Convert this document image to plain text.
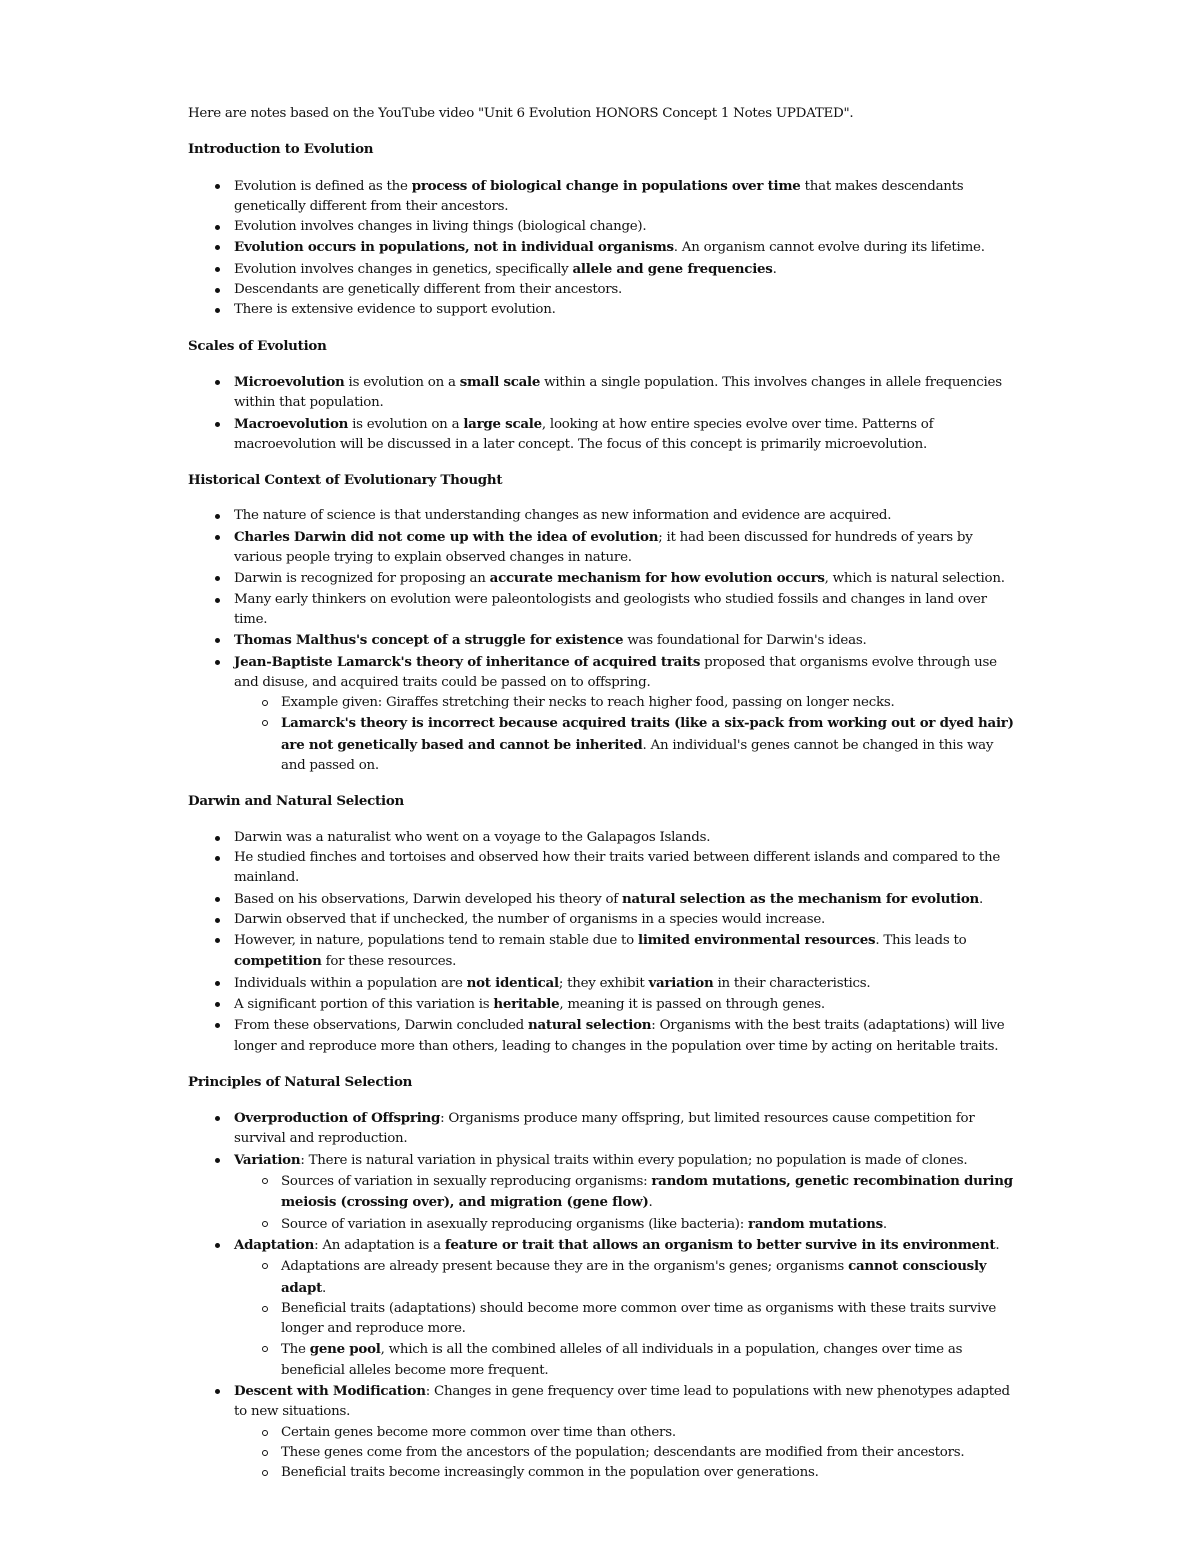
Here are notes based on the YouTube video "Unit 6 Evolution HONORS Concept 1 Notes UPDATED".

Introduction to Evolution
Evolution is defined as the process of biological change in populations over time that makes descendants genetically different from their ancestors.
Evolution involves changes in living things (biological change).
Evolution occurs in populations, not in individual organisms. An organism cannot evolve during its lifetime.
Evolution involves changes in genetics, specifically allele and gene frequencies.
Descendants are genetically different from their ancestors.
There is extensive evidence to support evolution.
Scales of Evolution
Microevolution is evolution on a small scale within a single population. This involves changes in allele frequencies within that population.
Macroevolution is evolution on a large scale, looking at how entire species evolve over time. Patterns of macroevolution will be discussed in a later concept. The focus of this concept is primarily microevolution.
Historical Context of Evolutionary Thought
The nature of science is that understanding changes as new information and evidence are acquired.
Charles Darwin did not come up with the idea of evolution; it had been discussed for hundreds of years by various people trying to explain observed changes in nature.
Darwin is recognized for proposing an accurate mechanism for how evolution occurs, which is natural selection.
Many early thinkers on evolution were paleontologists and geologists who studied fossils and changes in land over time.
Thomas Malthus's concept of a struggle for existence was foundational for Darwin's ideas.
Jean-Baptiste Lamarck's theory of inheritance of acquired traits proposed that organisms evolve through use and disuse, and acquired traits could be passed on to offspring.
Example given: Giraffes stretching their necks to reach higher food, passing on longer necks.
Lamarck's theory is incorrect because acquired traits (like a six-pack from working out or dyed hair) are not genetically based and cannot be inherited. An individual's genes cannot be changed in this way and passed on.
Darwin and Natural Selection
Darwin was a naturalist who went on a voyage to the Galapagos Islands.
He studied finches and tortoises and observed how their traits varied between different islands and compared to the mainland.
Based on his observations, Darwin developed his theory of natural selection as the mechanism for evolution.
Darwin observed that if unchecked, the number of organisms in a species would increase.
However, in nature, populations tend to remain stable due to limited environmental resources. This leads to competition for these resources.
Individuals within a population are not identical; they exhibit variation in their characteristics.
A significant portion of this variation is heritable, meaning it is passed on through genes.
From these observations, Darwin concluded natural selection: Organisms with the best traits (adaptations) will live longer and reproduce more than others, leading to changes in the population over time by acting on heritable traits.
Principles of Natural Selection
Overproduction of Offspring: Organisms produce many offspring, but limited resources cause competition for survival and reproduction.
Variation: There is natural variation in physical traits within every population; no population is made of clones.
Sources of variation in sexually reproducing organisms: random mutations, genetic recombination during meiosis (crossing over), and migration (gene flow).
Source of variation in asexually reproducing organisms (like bacteria): random mutations.
Adaptation: An adaptation is a feature or trait that allows an organism to better survive in its environment.
Adaptations are already present because they are in the organism's genes; organisms cannot consciously adapt.
Beneficial traits (adaptations) should become more common over time as organisms with these traits survive longer and reproduce more.
The gene pool, which is all the combined alleles of all individuals in a population, changes over time as beneficial alleles become more frequent.
Descent with Modification: Changes in gene frequency over time lead to populations with new phenotypes adapted to new situations.
Certain genes become more common over time than others.
These genes come from the ancestors of the population; descendants are modified from their ancestors.
Beneficial traits become increasingly common in the population over generations.
